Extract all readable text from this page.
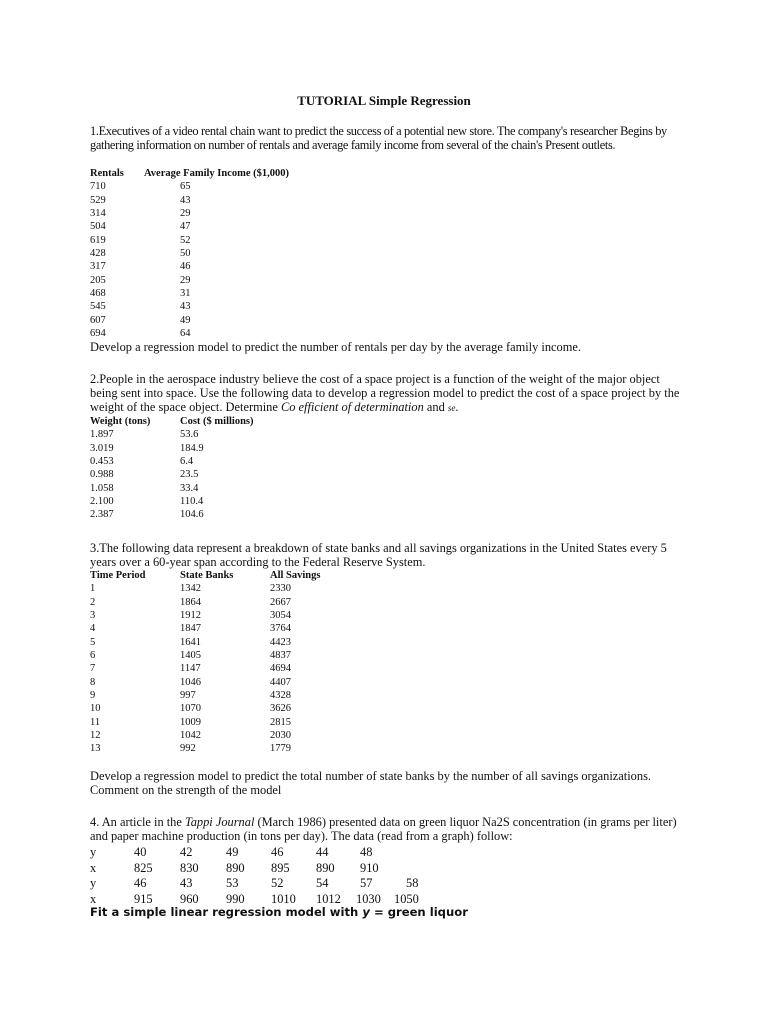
TUTORIAL Simple Regression

1.Executives of a video rental chain want to predict the success of a potential new store. The company's researcher Begins by gathering information on number of rentals and average family income from several of the chain's Present outlets.

Rentals Average Family Income ($1,000)
710	65
529	43
314	29
504	47
619	52
428	50
317	46
205	29
468	31
545	43
607	49
694	64
Develop a regression model to predict the number of rentals per day by the average family income.

2.People in the aerospace industry believe the cost of a space project is a function of the weight of the major object being sent into space. Use the following data to develop a regression model to predict the cost of a space project by the weight of the space object. Determine Co efficient of determination and se.

Weight (tons)	Cost ($ millions)
1.897	53.6
3.019	184.9
0.453	6.4
0.988	23.5
1.058	33.4
2.100	110.4
2.387	104.6

3.The following data represent a breakdown of state banks and all savings organizations in the United States every 5 years over a 60-year span according to the Federal Reserve System.

Time Period	State Banks	All Savings
1	1342	2330
2	1864	2667
3	1912	3054
4	1847	3764
5	1641	4423
6	1405	4837
7	1147	4694
8	1046	4407
9	997	4328
10	1070	3626
11	1009	2815
12	1042	2030
13	992	1779

Develop a regression model to predict the total number of state banks by the number of all savings organizations. Comment on the strength of the model

4. An article in the Tappi Journal (March 1986) presented data on green liquor Na2S concentration (in grams per liter) and paper machine production (in tons per day). The data (read from a graph) follow:

y	40	42	49	46	44	48
x	825 830 890 895 890 910
y	46	43	53	52	54	57	58
x	915 960 990 1010 1012 1030 1050
Fit a simple linear regression model with y = green liquor
